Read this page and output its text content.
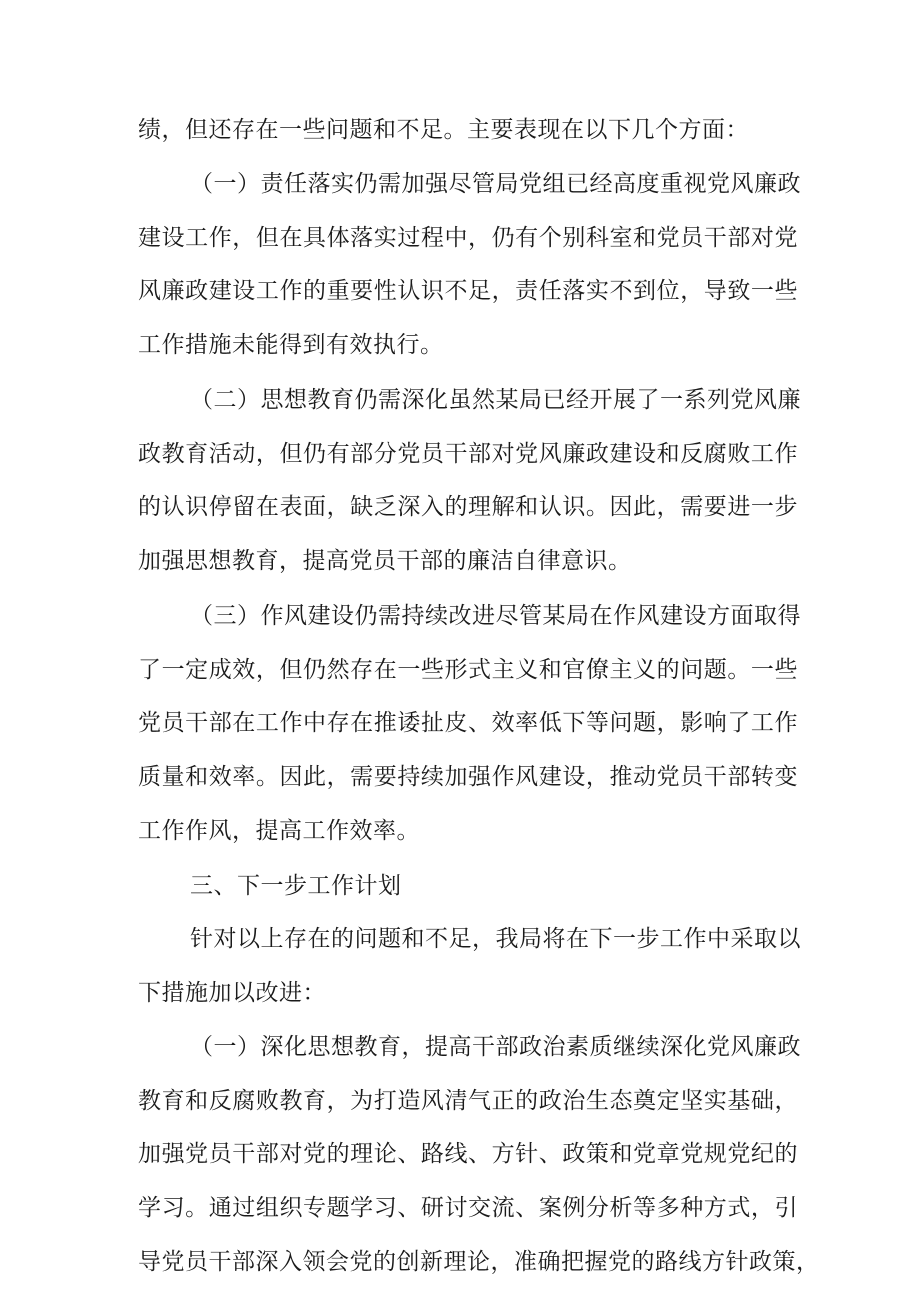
绩，但还存在一些问题和不足。主要表现在以下几个方面：
（一）责任落实仍需加强尽管局党组已经高度重视党风廉政
建设工作，但在具体落实过程中，仍有个别科室和党员干部对党
风廉政建设工作的重要性认识不足，责任落实不到位，导致一些
工作措施未能得到有效执行。
（二）思想教育仍需深化虽然某局已经开展了一系列党风廉
政教育活动，但仍有部分党员干部对党风廉政建设和反腐败工作
的认识停留在表面，缺乏深入的理解和认识。因此，需要进一步
加强思想教育，提高党员干部的廉洁自律意识。
（三）作风建设仍需持续改进尽管某局在作风建设方面取得
了一定成效，但仍然存在一些形式主义和官僚主义的问题。一些
党员干部在工作中存在推诿扯皮、效率低下等问题，影响了工作
质量和效率。因此，需要持续加强作风建设，推动党员干部转变
工作作风，提高工作效率。
三、下一步工作计划
针对以上存在的问题和不足，我局将在下一步工作中采取以
下措施加以改进：
（一）深化思想教育，提高干部政治素质继续深化党风廉政
教育和反腐败教育，为打造风清气正的政治生态奠定坚实基础，
加强党员干部对党的理论、路线、方针、政策和党章党规党纪的
学习。通过组织专题学习、研讨交流、案例分析等多种方式，引
导党员干部深入领会党的创新理论，准确把握党的路线方针政策，
